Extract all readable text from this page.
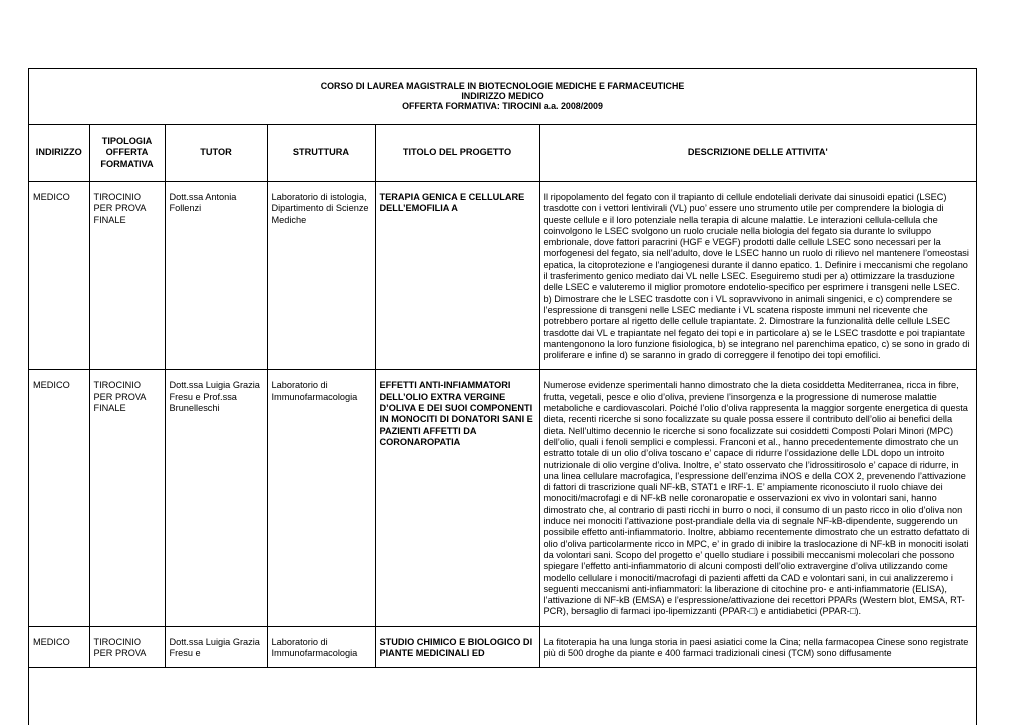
CORSO DI LAUREA MAGISTRALE IN BIOTECNOLOGIE MEDICHE E FARMACEUTICHE
INDIRIZZO MEDICO
OFFERTA FORMATIVA: TIROCINI a.a. 2008/2009
INDIRIZZO	TIPOLOGIA OFFERTA FORMATIVA	TUTOR	STRUTTURA	TITOLO DEL PROGETTO	DESCRIZIONE DELLE ATTIVITA'
MEDICO	TIROCINIO PER PROVA FINALE	Dott.ssa Antonia Follenzi	Laboratorio di istologia, Dipartimento di Scienze Mediche	TERAPIA GENICA E CELLULARE DELL’EMOFILIA A	Il ripopolamento del fegato con il trapianto di cellule endoteliali derivate dai sinusoidi epatici (LSEC) trasdotte con i vettori lentivirali (VL) puo’ essere uno strumento utile per comprendere la biologia di queste cellule e il loro potenziale nella terapia di alcune malattie. Le interazioni cellula-cellula che coinvolgono le LSEC svolgono un ruolo cruciale nella biologia del fegato sia durante lo sviluppo embrionale, dove fattori paracrini (HGF e VEGF) prodotti dalle cellule LSEC sono necessari per la morfogenesi del fegato, sia nell’adulto, dove le LSEC hanno un ruolo di rilievo nel mantenere l’omeostasi epatica, la citoprotezione e l’angiogenesi durante il danno epatico. 1. Definire i meccanismi che regolano il trasferimento genico mediato dai VL nelle LSEC. Eseguiremo studi per a) ottimizzare la trasduzione delle LSEC e valuteremo il miglior promotore endotelio-specifico per esprimere i transgeni nelle LSEC. b) Dimostrare che le LSEC trasdotte con i VL sopravvivono in animali singenici, e c) comprendere se l’espressione di transgeni nelle LSEC mediante i VL scatena risposte immuni nel ricevente che potrebbero portare al rigetto delle cellule trapiantate. 2. Dimostrare la funzionalità delle cellule LSEC trasdotte dai VL e trapiantate nel fegato dei topi e in particolare a) se le LSEC trasdotte e poi trapiantate mantengonono la loro funzione fisiologica, b) se integrano nel parenchima epatico, c) se sono in grado di proliferare e infine d) se saranno in grado di correggere il fenotipo dei topi emofilici.
MEDICO	TIROCINIO PER PROVA FINALE	Dott.ssa Luigia Grazia Fresu e Prof.ssa Brunelleschi	Laboratorio di Immunofarmacologia	EFFETTI ANTI-INFIAMMATORI DELL’OLIO EXTRA VERGINE D’OLIVA E DEI SUOI COMPONENTI IN MONOCITI DI DONATORI SANI E PAZIENTI AFFETTI DA CORONAROPATIA	Numerose evidenze sperimentali hanno dimostrato che la dieta cosiddetta Mediterranea, ricca in fibre, frutta, vegetali, pesce e olio d’oliva, previene l’insorgenza e la progressione di numerose malattie metaboliche e cardiovascolari. Poiché l’olio d’oliva rappresenta la maggior sorgente energetica di questa dieta, recenti ricerche si sono focalizzate su quale possa essere il contributo dell’olio ai benefici della dieta. Nell’ultimo decennio le ricerche si sono focalizzate sui cosiddetti Composti Polari Minori (MPC) dell’olio, quali i fenoli semplici e complessi. Franconi et al., hanno precedentemente dimostrato che un estratto totale di un olio d’oliva toscano e’ capace di ridurre l’ossidazione delle LDL dopo un introito nutrizionale di olio vergine d’oliva. Inoltre, e’ stato osservato che l’idrossitirosolo e’ capace di ridurre, in una linea cellulare macrofagica, l’espressione dell’enzima iNOS e della COX 2, prevenendo l’attivazione di fattori di trascrizione quali NF-kB, STAT1 e IRF-1. E’ ampiamente riconosciuto il ruolo chiave dei monociti/macrofagi e di NF-kB nelle coronaropatie e osservazioni ex vivo in volontari sani, hanno dimostrato che, al contrario di pasti ricchi in burro o noci, il consumo di un pasto ricco in olio d’oliva non induce nei monociti l’attivazione post-prandiale della via di segnale NF-kB-dipendente, suggerendo un possibile effetto anti-infiammatorio. Inoltre, abbiamo recentemente dimostrato che un estratto defattato di olio d’oliva particolarmente ricco in MPC, e’ in grado di inibire la traslocazione di NF-kB in monociti isolati da volontari sani. Scopo del progetto e’ quello studiare i possibili meccanismi molecolari che possono spiegare l’effetto anti-infiammatorio di alcuni composti dell’olio extravergine d’oliva utilizzando come modello cellulare i monociti/macrofagi di pazienti affetti da CAD e volontari sani, in cui analizzeremo i seguenti meccanismi anti-infiammatori: la liberazione di citochine pro- e anti-infiammatorie (ELISA), l’attivazione di NF-kB (EMSA) e l’espressione/attivazione dei recettori PPARs (Western blot, EMSA, RT-PCR), bersaglio di farmaci ipo-lipemizzanti (PPAR-□) e antidiabetici (PPAR-□).
MEDICO	TIROCINIO PER PROVA	Dott.ssa Luigia Grazia Fresu e	Laboratorio di Immunofarmacologia	STUDIO CHIMICO E BIOLOGICO DI PIANTE MEDICINALI ED	La fitoterapia ha una lunga storia in paesi asiatici come la Cina; nella farmacopea Cinese sono registrate più di 500 droghe da piante e 400 farmaci tradizionali cinesi (TCM) sono diffusamente
